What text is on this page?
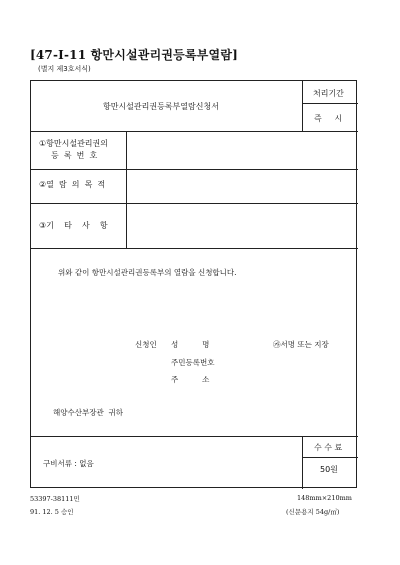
[47-Ⅰ-11 항만시설관리권등록부열람]
(별지 제3호서식)
항만시설관리권등록부열람신청서
처리기간
즉     시
①항만시설관리권의
등  록  번  호
②열  람  의  목  적
③기    타    사    항
위와 같이 항만시설관리권등록부의 열람을 신청합니다.
신청인 성          명	㉮서명 또는 지장
주민등록번호
주          소
해양수산부장관  귀하
구비서류 : 없음
수 수 료
50원
53397-38111민
91. 12. 5 승인
148mm×210mm
(신문용지 54g/㎡)
